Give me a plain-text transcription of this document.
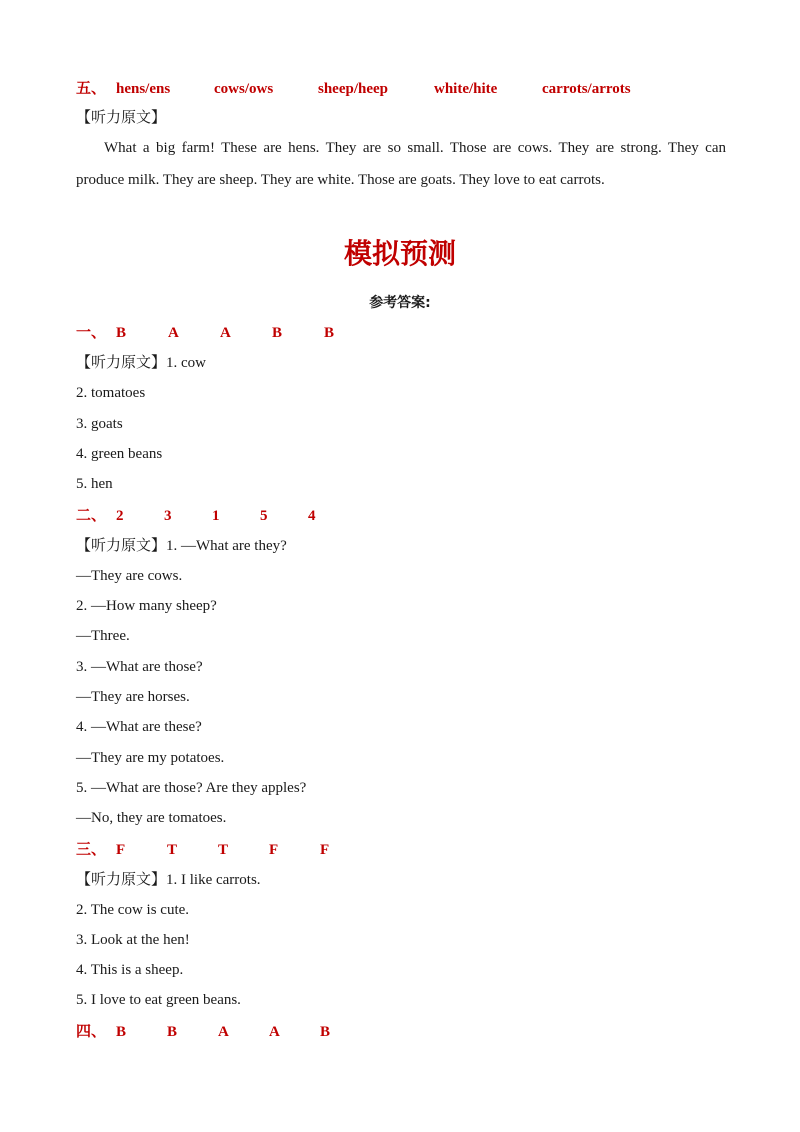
五、 hens/ens	cows/ows	sheep/heep	white/hite	carrots/arrots
【听力原文】
What a big farm! These are hens. They are so small. Those are cows. They are strong. They can produce milk. They are sheep. They are white. Those are goats. They love to eat carrots.
模拟预测
参考答案:
一、 B	A	A	B	B
【听力原文】1. cow
2. tomatoes
3. goats
4. green beans
5. hen
二、 2	3	1	5	4
【听力原文】1. —What are they?
—They are cows.
2. —How many sheep?
—Three.
3. —What are those?
—They are horses.
4. —What are these?
—They are my potatoes.
5. —What are those? Are they apples?
—No, they are tomatoes.
三、 F	T	T	F	F
【听力原文】1. I like carrots.
2. The cow is cute.
3. Look at the hen!
4. This is a sheep.
5. I love to eat green beans.
四、 B	B	A	A	B
